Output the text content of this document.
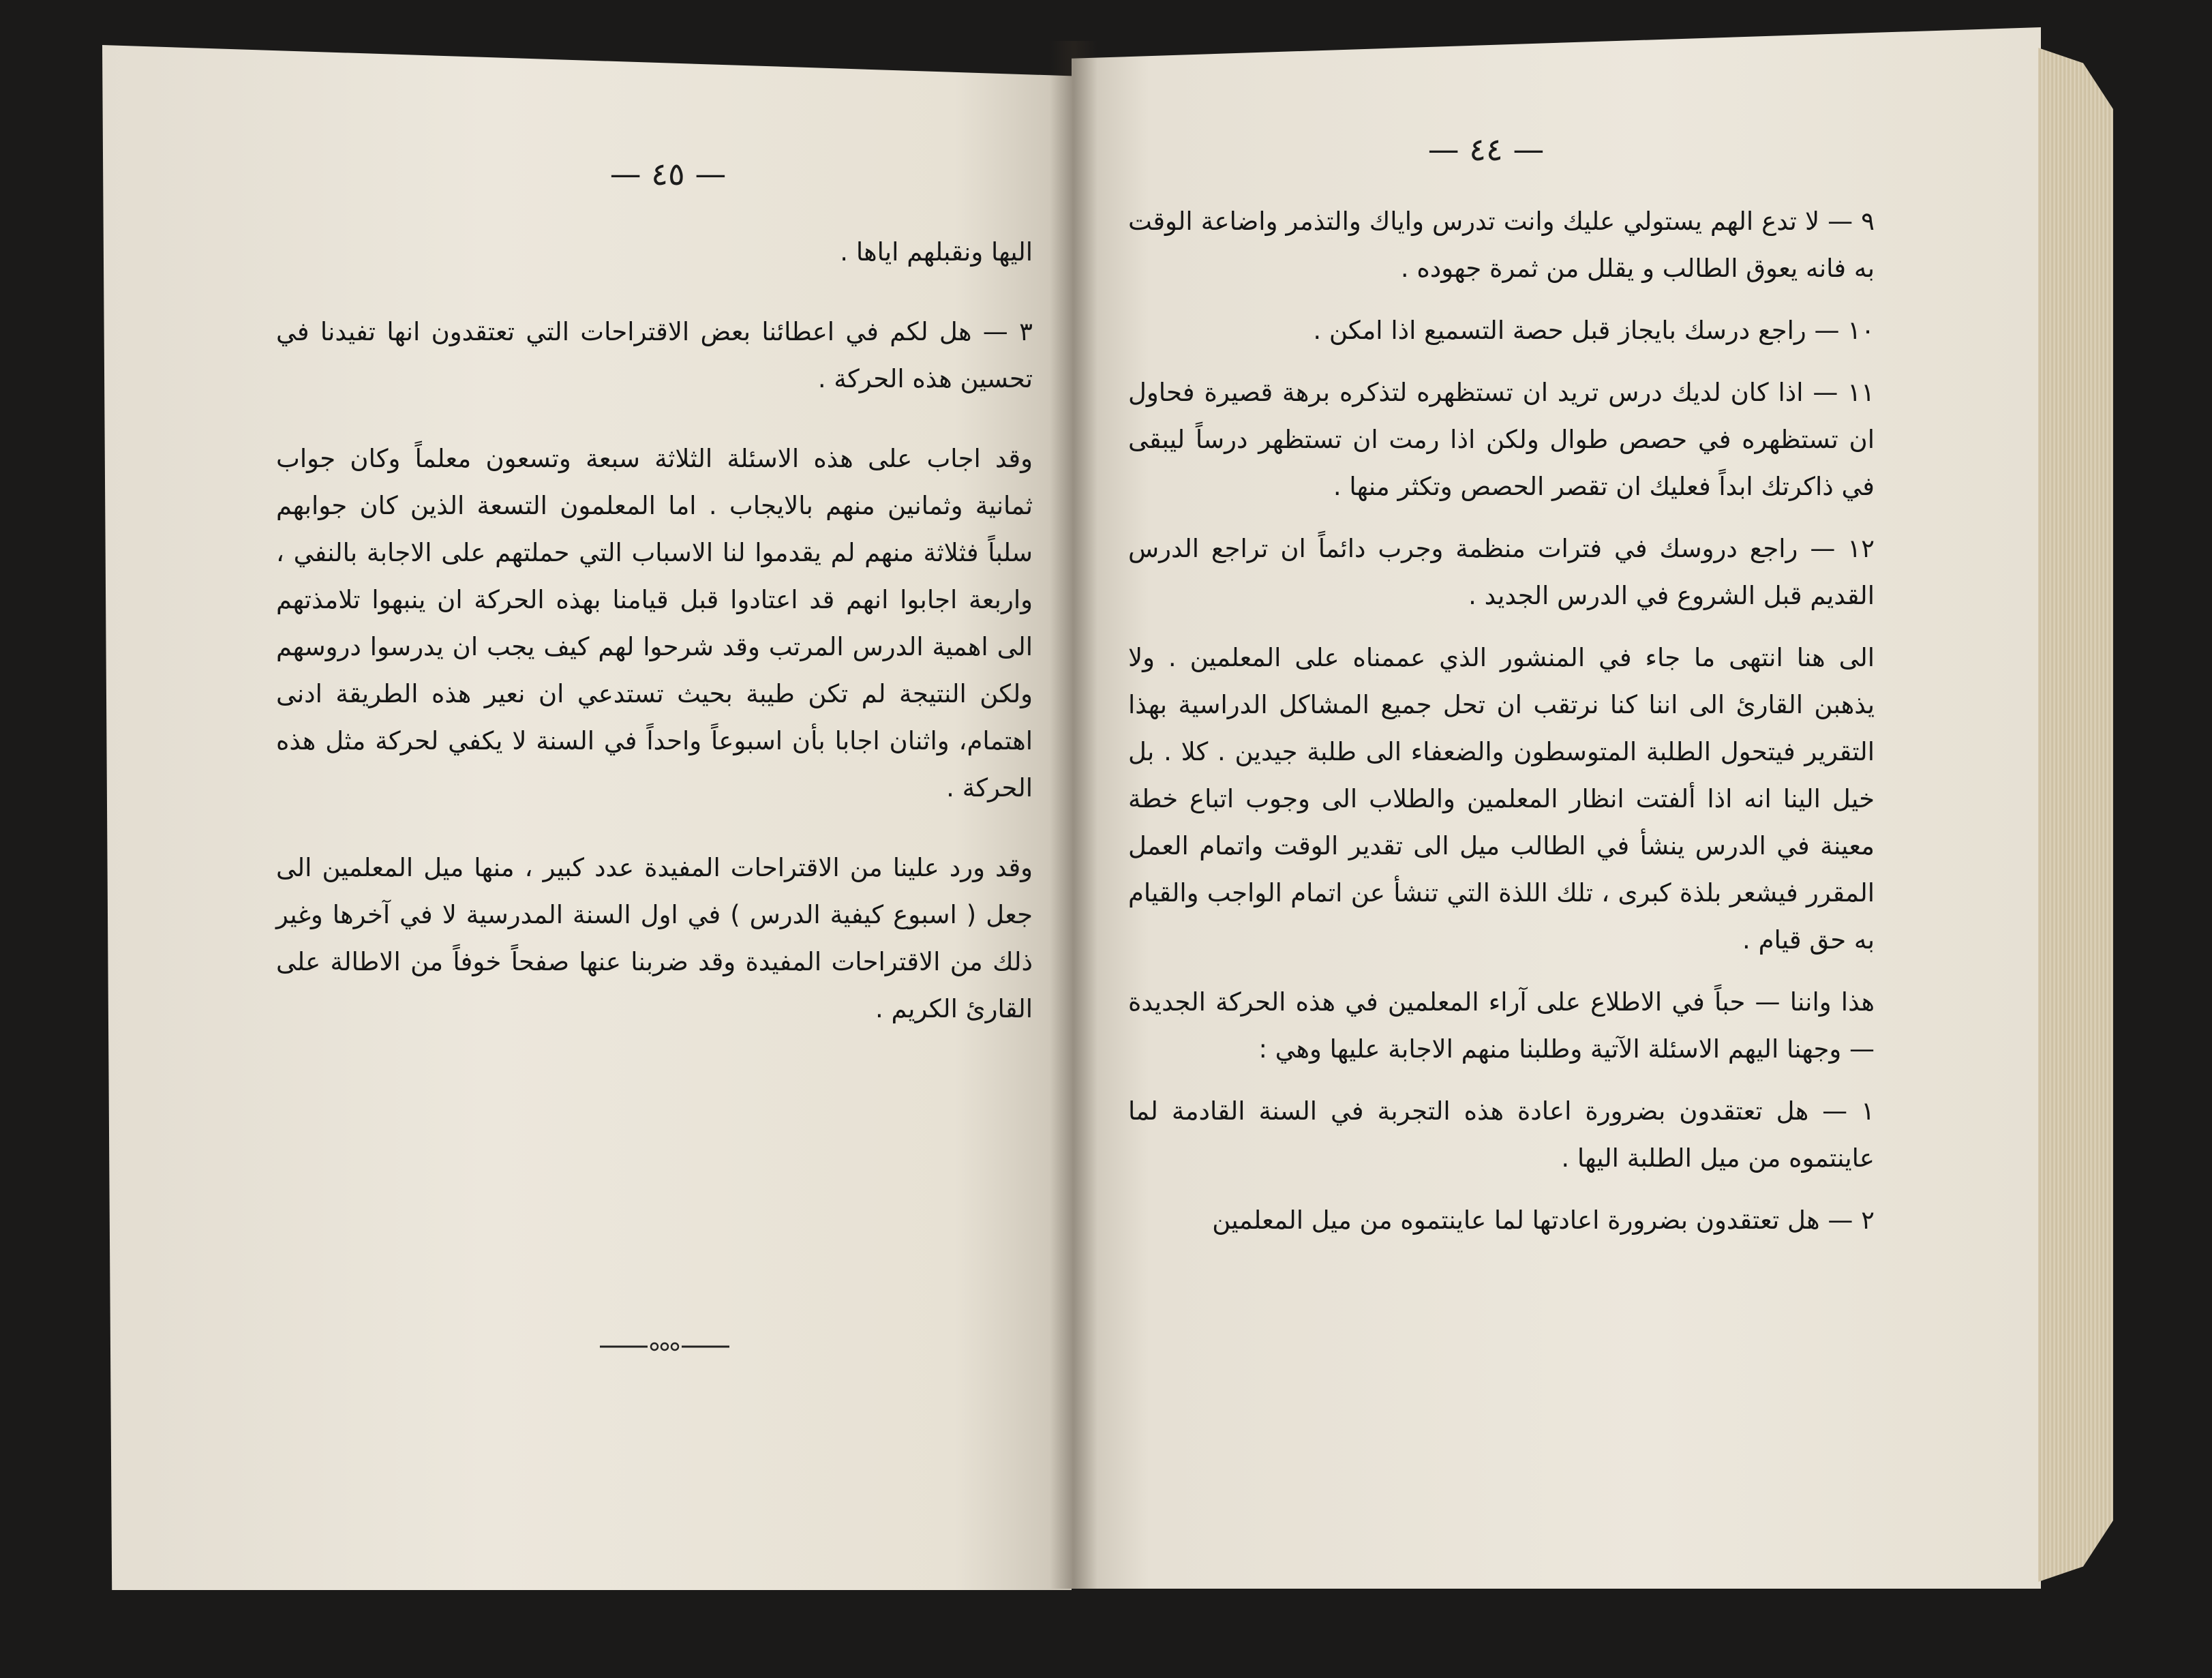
— ٤٥ —

اليها ونقبلهم اياها .

٣ — هل لكم في اعطائنا بعض الاقتراحات التي تعتقدون انها تفيدنا في تحسين هذه الحركة .

وقد اجاب على هذه الاسئلة الثلاثة سبعة وتسعون معلماً وكان جواب ثمانية وثمانين منهم بالايجاب . اما المعلمون التسعة الذين كان جوابهم سلباً فثلاثة منهم لم يقدموا لنا الاسباب التي حملتهم على الاجابة بالنفي ، واربعة اجابوا انهم قد اعتادوا قبل قيامنا بهذه الحركة ان ينبهوا تلامذتهم الى اهمية الدرس المرتب وقد شرحوا لهم كيف يجب ان يدرسوا دروسهم ولكن النتيجة لم تكن طيبة بحيث تستدعي ان نعير هذه الطريقة ادنى اهتمام، واثنان اجابا بأن اسبوعاً واحداً في السنة لا يكفي لحركة مثل هذه الحركة .

وقد ورد علينا من الاقتراحات المفيدة عدد كبير ، منها ميل المعلمين الى جعل ( اسبوع كيفية الدرس ) في اول السنة المدرسية لا في آخرها وغير ذلك من الاقتراحات المفيدة وقد ضربنا عنها صفحاً خوفاً من الاطالة على القارئ الكريم .

— ٤٤ —

٩ — لا تدع الهم يستولي عليك وانت تدرس واياك والتذمر واضاعة الوقت به فانه يعوق الطالب و يقلل من ثمرة جهوده .

١٠ — راجع درسك بايجاز قبل حصة التسميع اذا امكن .

١١ — اذا كان لديك درس تريد ان تستظهره لتذكره برهة قصيرة فحاول ان تستظهره في حصص طوال ولكن اذا رمت ان تستظهر درساً ليبقى في ذاكرتك ابداً فعليك ان تقصر الحصص وتكثر منها .

١٢ — راجع دروسك في فترات منظمة وجرب دائماً ان تراجع الدرس القديم قبل الشروع في الدرس الجديد .

الى هنا انتهى ما جاء في المنشور الذي عممناه على المعلمين . ولا يذهبن القارئ الى اننا كنا نرتقب ان تحل جميع المشاكل الدراسية بهذا التقرير فيتحول الطلبة المتوسطون والضعفاء الى طلبة جيدين . كلا . بل خيل الينا انه اذا ألفتت انظار المعلمين والطلاب الى وجوب اتباع خطة معينة في الدرس ينشأ في الطالب ميل الى تقدير الوقت واتمام العمل المقرر فيشعر بلذة كبرى ، تلك اللذة التي تنشأ عن اتمام الواجب والقيام به حق قيام .

هذا واننا — حباً في الاطلاع على آراء المعلمين في هذه الحركة الجديدة — وجهنا اليهم الاسئلة الآتية وطلبنا منهم الاجابة عليها وهي :

١ — هل تعتقدون بضرورة اعادة هذه التجربة في السنة القادمة لما عاينتموه من ميل الطلبة اليها .

٢ — هل تعتقدون بضرورة اعادتها لما عاينتموه من ميل المعلمين
